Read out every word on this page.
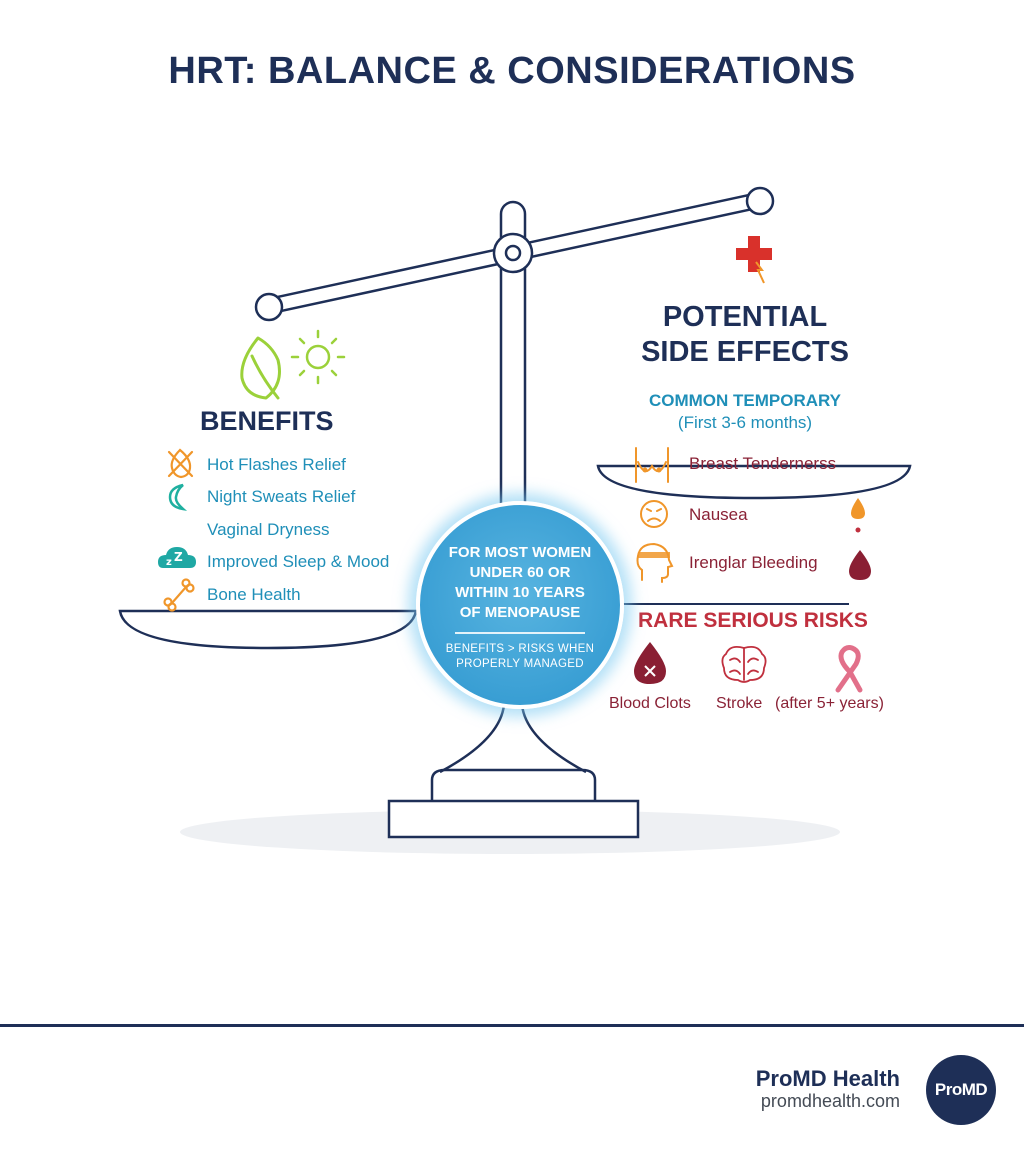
HRT: BALANCE & CONSIDERATIONS
z Z
BENEFITS
Hot Flashes Relief
Night Sweats Relief
Vaginal Dryness
Improved Sleep & Mood
Bone Health
POTENTIAL
SIDE EFFECTS
COMMON TEMPORARY
(First 3-6 months)
Breast Tendernerss
Nausea
Irenglar Bleeding
RARE SERIOUS RISKS
Blood Clots Stroke (after 5+ years)
FOR MOST WOMEN
UNDER 60 OR
WITHIN 10 YEARS
OF MENOPAUSE
BENEFITS > RISKS WHEN
PROPERLY MANAGED
ProMD Health
promdhealth.com
ProMD
